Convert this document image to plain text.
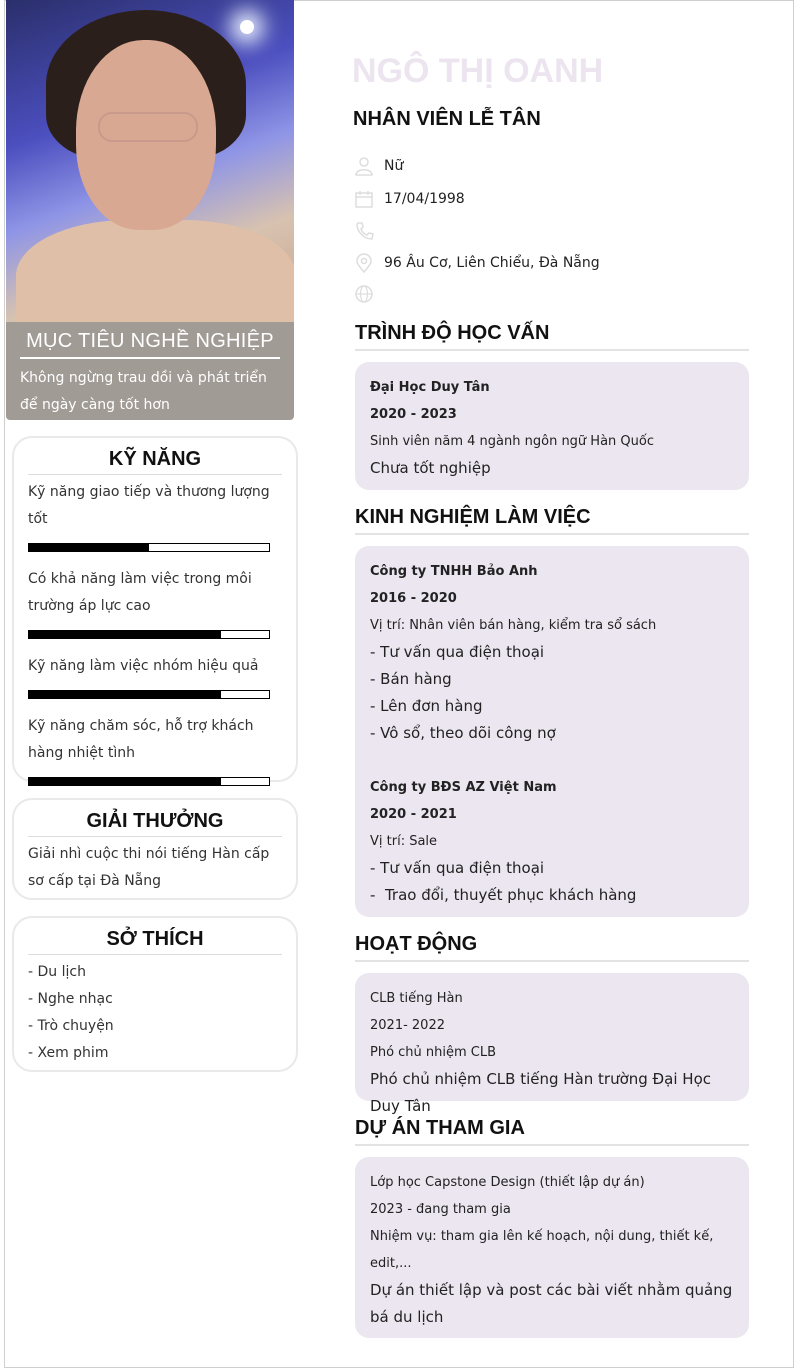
MỤC TIÊU NGHỀ NGHIỆP

Không ngừng trau dồi và phát triển để ngày càng tốt hơn

KỸ NĂNG
Kỹ năng giao tiếp và thương lượng tốt
Có khả năng làm việc trong môi trường áp lực cao
Kỹ năng làm việc nhóm hiệu quả
Kỹ năng chăm sóc, hỗ trợ khách hàng nhiệt tình
GIẢI THƯỞNG
Giải nhì cuộc thi nói tiếng Hàn cấp sơ cấp tại Đà Nẵng
SỞ THÍCH
- Du lịch
- Nghe nhạc
- Trò chuyện
- Xem phim
NGÔ THỊ OANH
NHÂN VIÊN LỄ TÂN
Nữ
17/04/1998
96 Âu Cơ, Liên Chiểu, Đà Nẵng
TRÌNH ĐỘ HỌC VẤN
Đại Học Duy Tân
2020 - 2023
Sinh viên năm 4 ngành ngôn ngữ Hàn Quốc
Chưa tốt nghiệp
KINH NGHIỆM LÀM VIỆC
Công ty TNHH Bảo Anh
2016 - 2020
Vị trí: Nhân viên bán hàng, kiểm tra sổ sách
- Tư vấn qua điện thoại
- Bán hàng
- Lên đơn hàng
- Vô sổ, theo dõi công nợ
Công ty BĐS AZ Việt Nam
2020 - 2021
Vị trí: Sale
- Tư vấn qua điện thoại
-  Trao đổi, thuyết phục khách hàng
HOẠT ĐỘNG
CLB tiếng Hàn
2021- 2022
Phó chủ nhiệm CLB
Phó chủ nhiệm CLB tiếng Hàn trường Đại Học Duy Tân
DỰ ÁN THAM GIA
Lớp học Capstone Design (thiết lập dự án)
2023 - đang tham gia
Nhiệm vụ: tham gia lên kế hoạch, nội dung, thiết kế, edit,...
Dự án thiết lập và post các bài viết nhằm quảng bá du lịch
